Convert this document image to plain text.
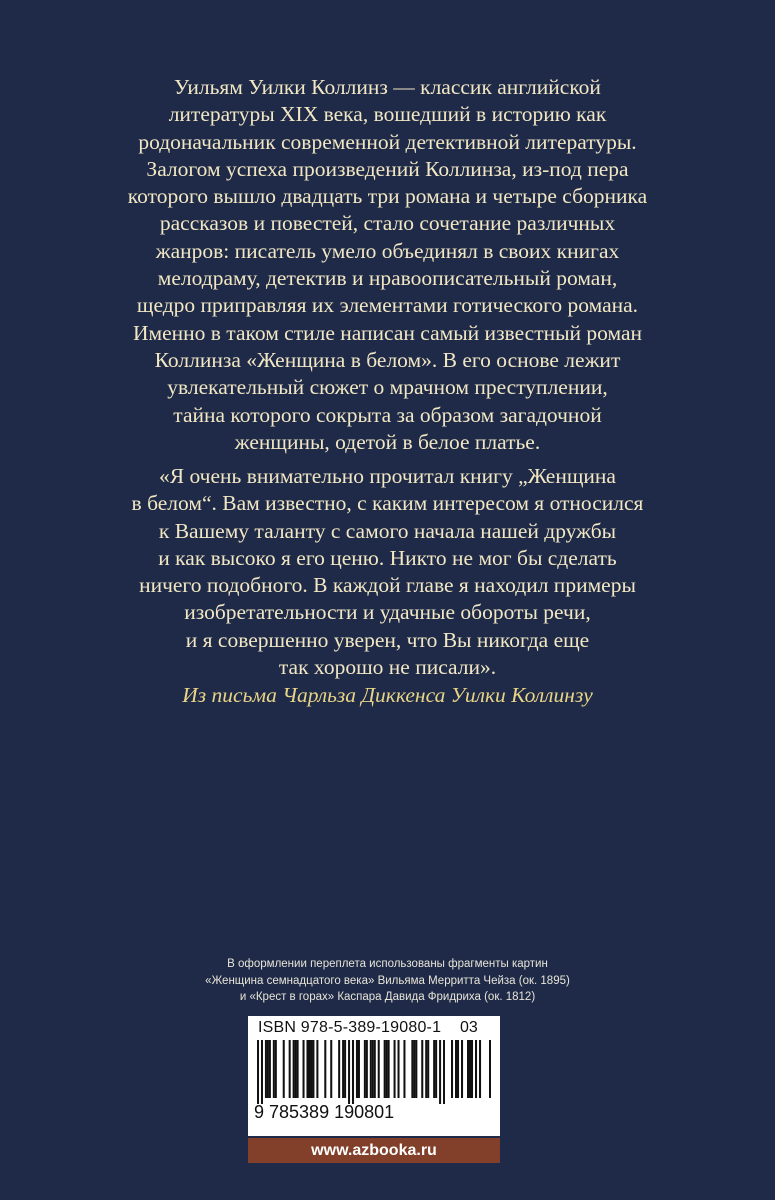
Уильям Уилки Коллинз — классик английской
литературы XIX века, вошедший в историю как
родоначальник современной детективной литературы.
Залогом успеха произведений Коллинза, из-под пера
которого вышло двадцать три романа и четыре сборника
рассказов и повестей, стало сочетание различных
жанров: писатель умело объединял в своих книгах
мелодраму, детектив и нравоописательный роман,
щедро приправляя их элементами готического романа.
Именно в таком стиле написан самый известный роман
Коллинза «Женщина в белом». В его основе лежит
увлекательный сюжет о мрачном преступлении,
тайна которого сокрыта за образом загадочной
женщины, одетой в белое платье.
«Я очень внимательно прочитал книгу „Женщина
в белом“. Вам известно, с каким интересом я относился
к Вашему таланту с самого начала нашей дружбы
и как высоко я его ценю. Никто не мог бы сделать
ничего подобного. В каждой главе я находил примеры
изобретательности и удачные обороты речи,
и я совершенно уверен, что Вы никогда еще
так хорошо не писали».
Из письма Чарльза Диккенса Уилки Коллинзу
В оформлении переплета использованы фрагменты картин
«Женщина семнадцатого века» Вильяма Мерритта Чейза (ок. 1895)
и «Крест в горах» Каспара Давида Фридриха (ок. 1812)
ISBN 978-5-389-19080-1	03
9 785389 190801
www.azbooka.ru
